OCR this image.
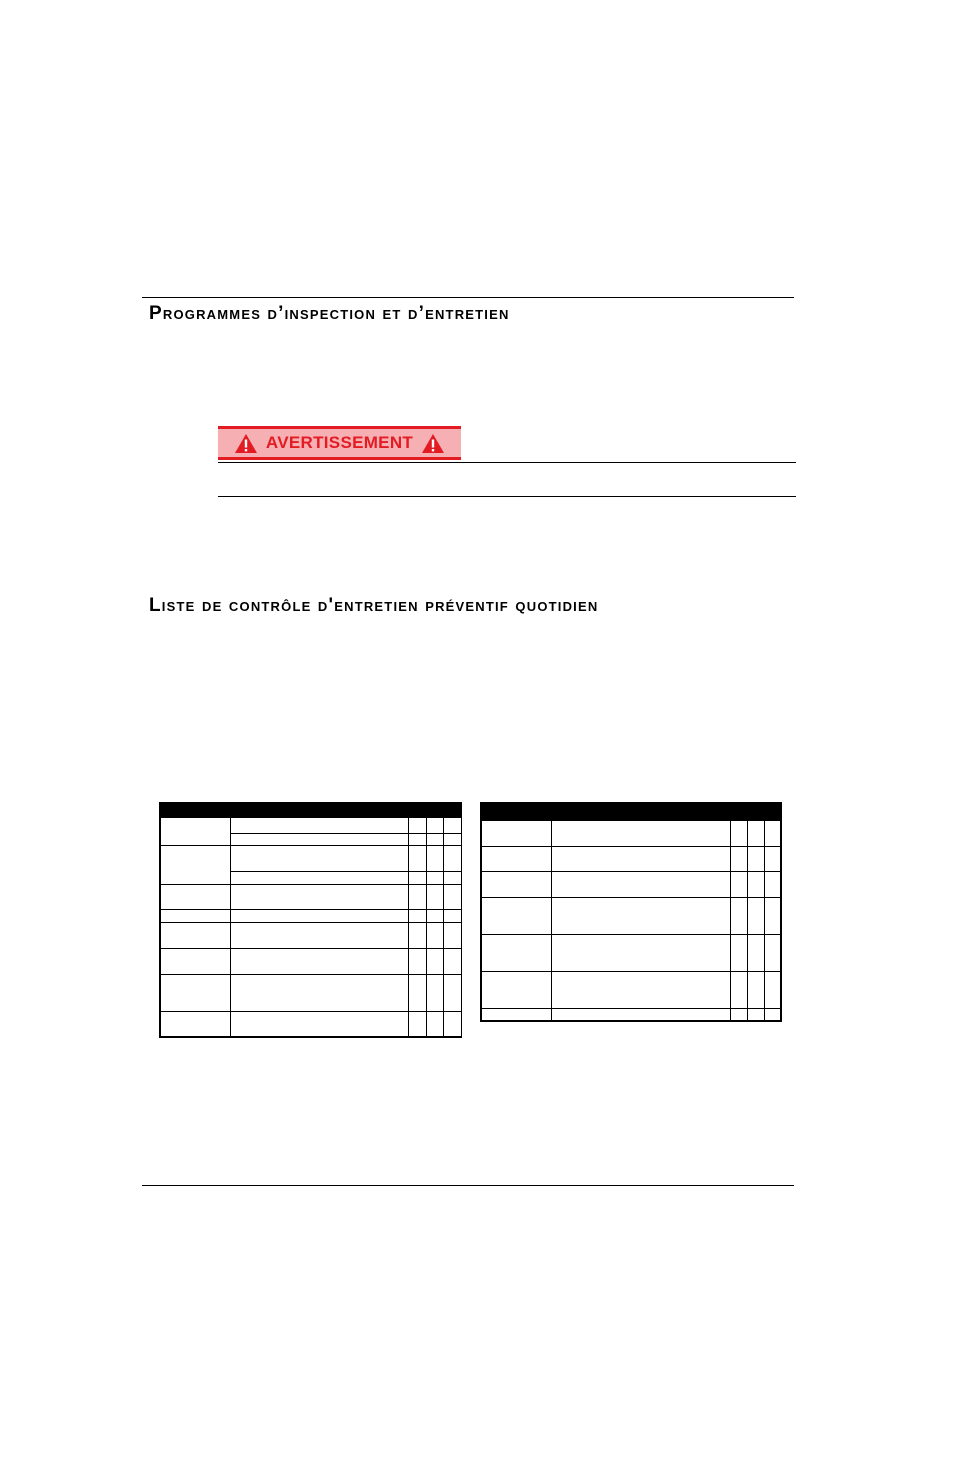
Programmes d’inspection et d’entretien
AVERTISSEMENT
Liste de contrôle d'entretien préventif quotidien
